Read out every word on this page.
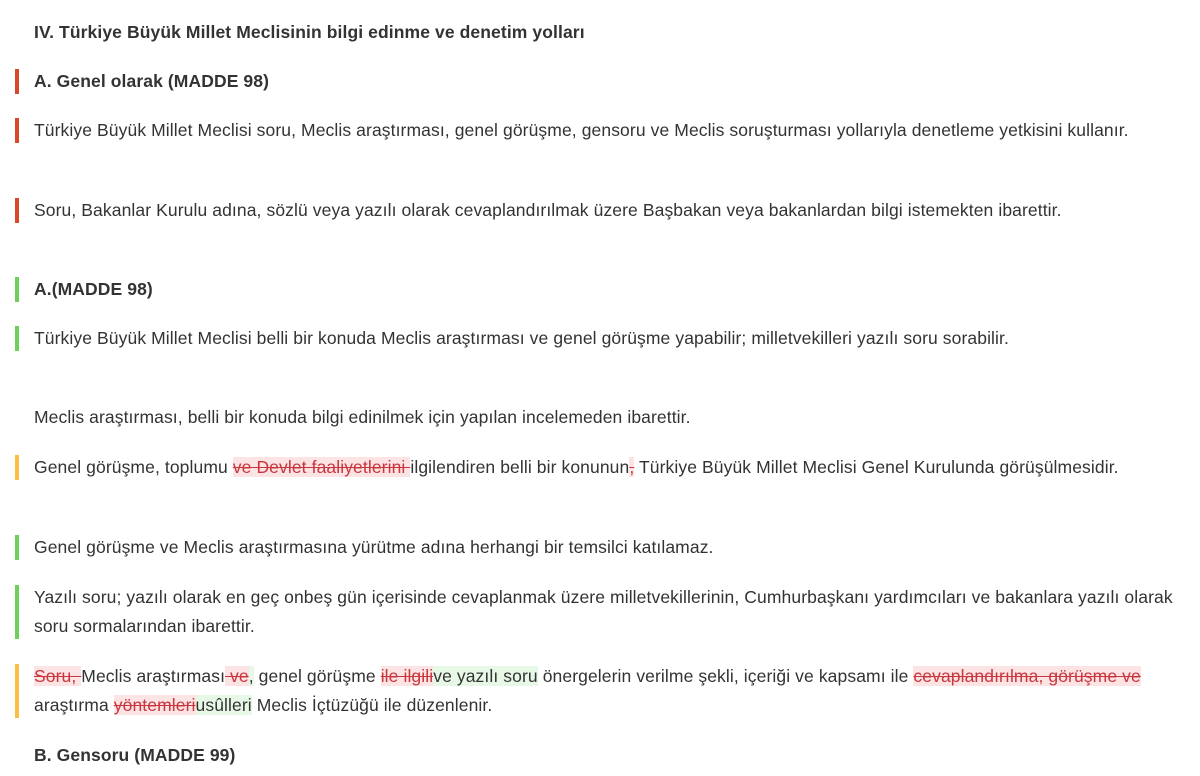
IV. Türkiye Büyük Millet Meclisinin bilgi edinme ve denetim yolları
A. Genel olarak (MADDE 98)
Türkiye Büyük Millet Meclisi soru, Meclis araştırması, genel görüşme, gensoru ve Meclis soruşturması yollarıyla denetleme yetkisini kullanır.
Soru, Bakanlar Kurulu adına, sözlü veya yazılı olarak cevaplandırılmak üzere Başbakan veya bakanlardan bilgi istemekten ibarettir.
A.(MADDE 98)
Türkiye Büyük Millet Meclisi belli bir konuda Meclis araştırması ve genel görüşme yapabilir; milletvekilleri yazılı soru sorabilir.
Meclis araştırması, belli bir konuda bilgi edinilmek için yapılan incelemeden ibarettir.
Genel görüşme, toplumu ve Devlet faaliyetlerini ilgilendiren belli bir konunun, Türkiye Büyük Millet Meclisi Genel Kurulunda görüşülmesidir.
Genel görüşme ve Meclis araştırmasına yürütme adına herhangi bir temsilci katılamaz.
Yazılı soru; yazılı olarak en geç onbeş gün içerisinde cevaplanmak üzere milletvekillerinin, Cumhurbaşkanı yardımcıları ve bakanlara yazılı olarak soru sormalarından ibarettir.
Soru, Meclis araştırması ve, genel görüşme ile ilgilive yazılı soru önergelerin verilme şekli, içeriği ve kapsamı ile cevaplandırılma, görüşme ve araştırma yöntemleriusûlleri Meclis İçtüzüğü ile düzenlenir.
B. Gensoru (MADDE 99)
